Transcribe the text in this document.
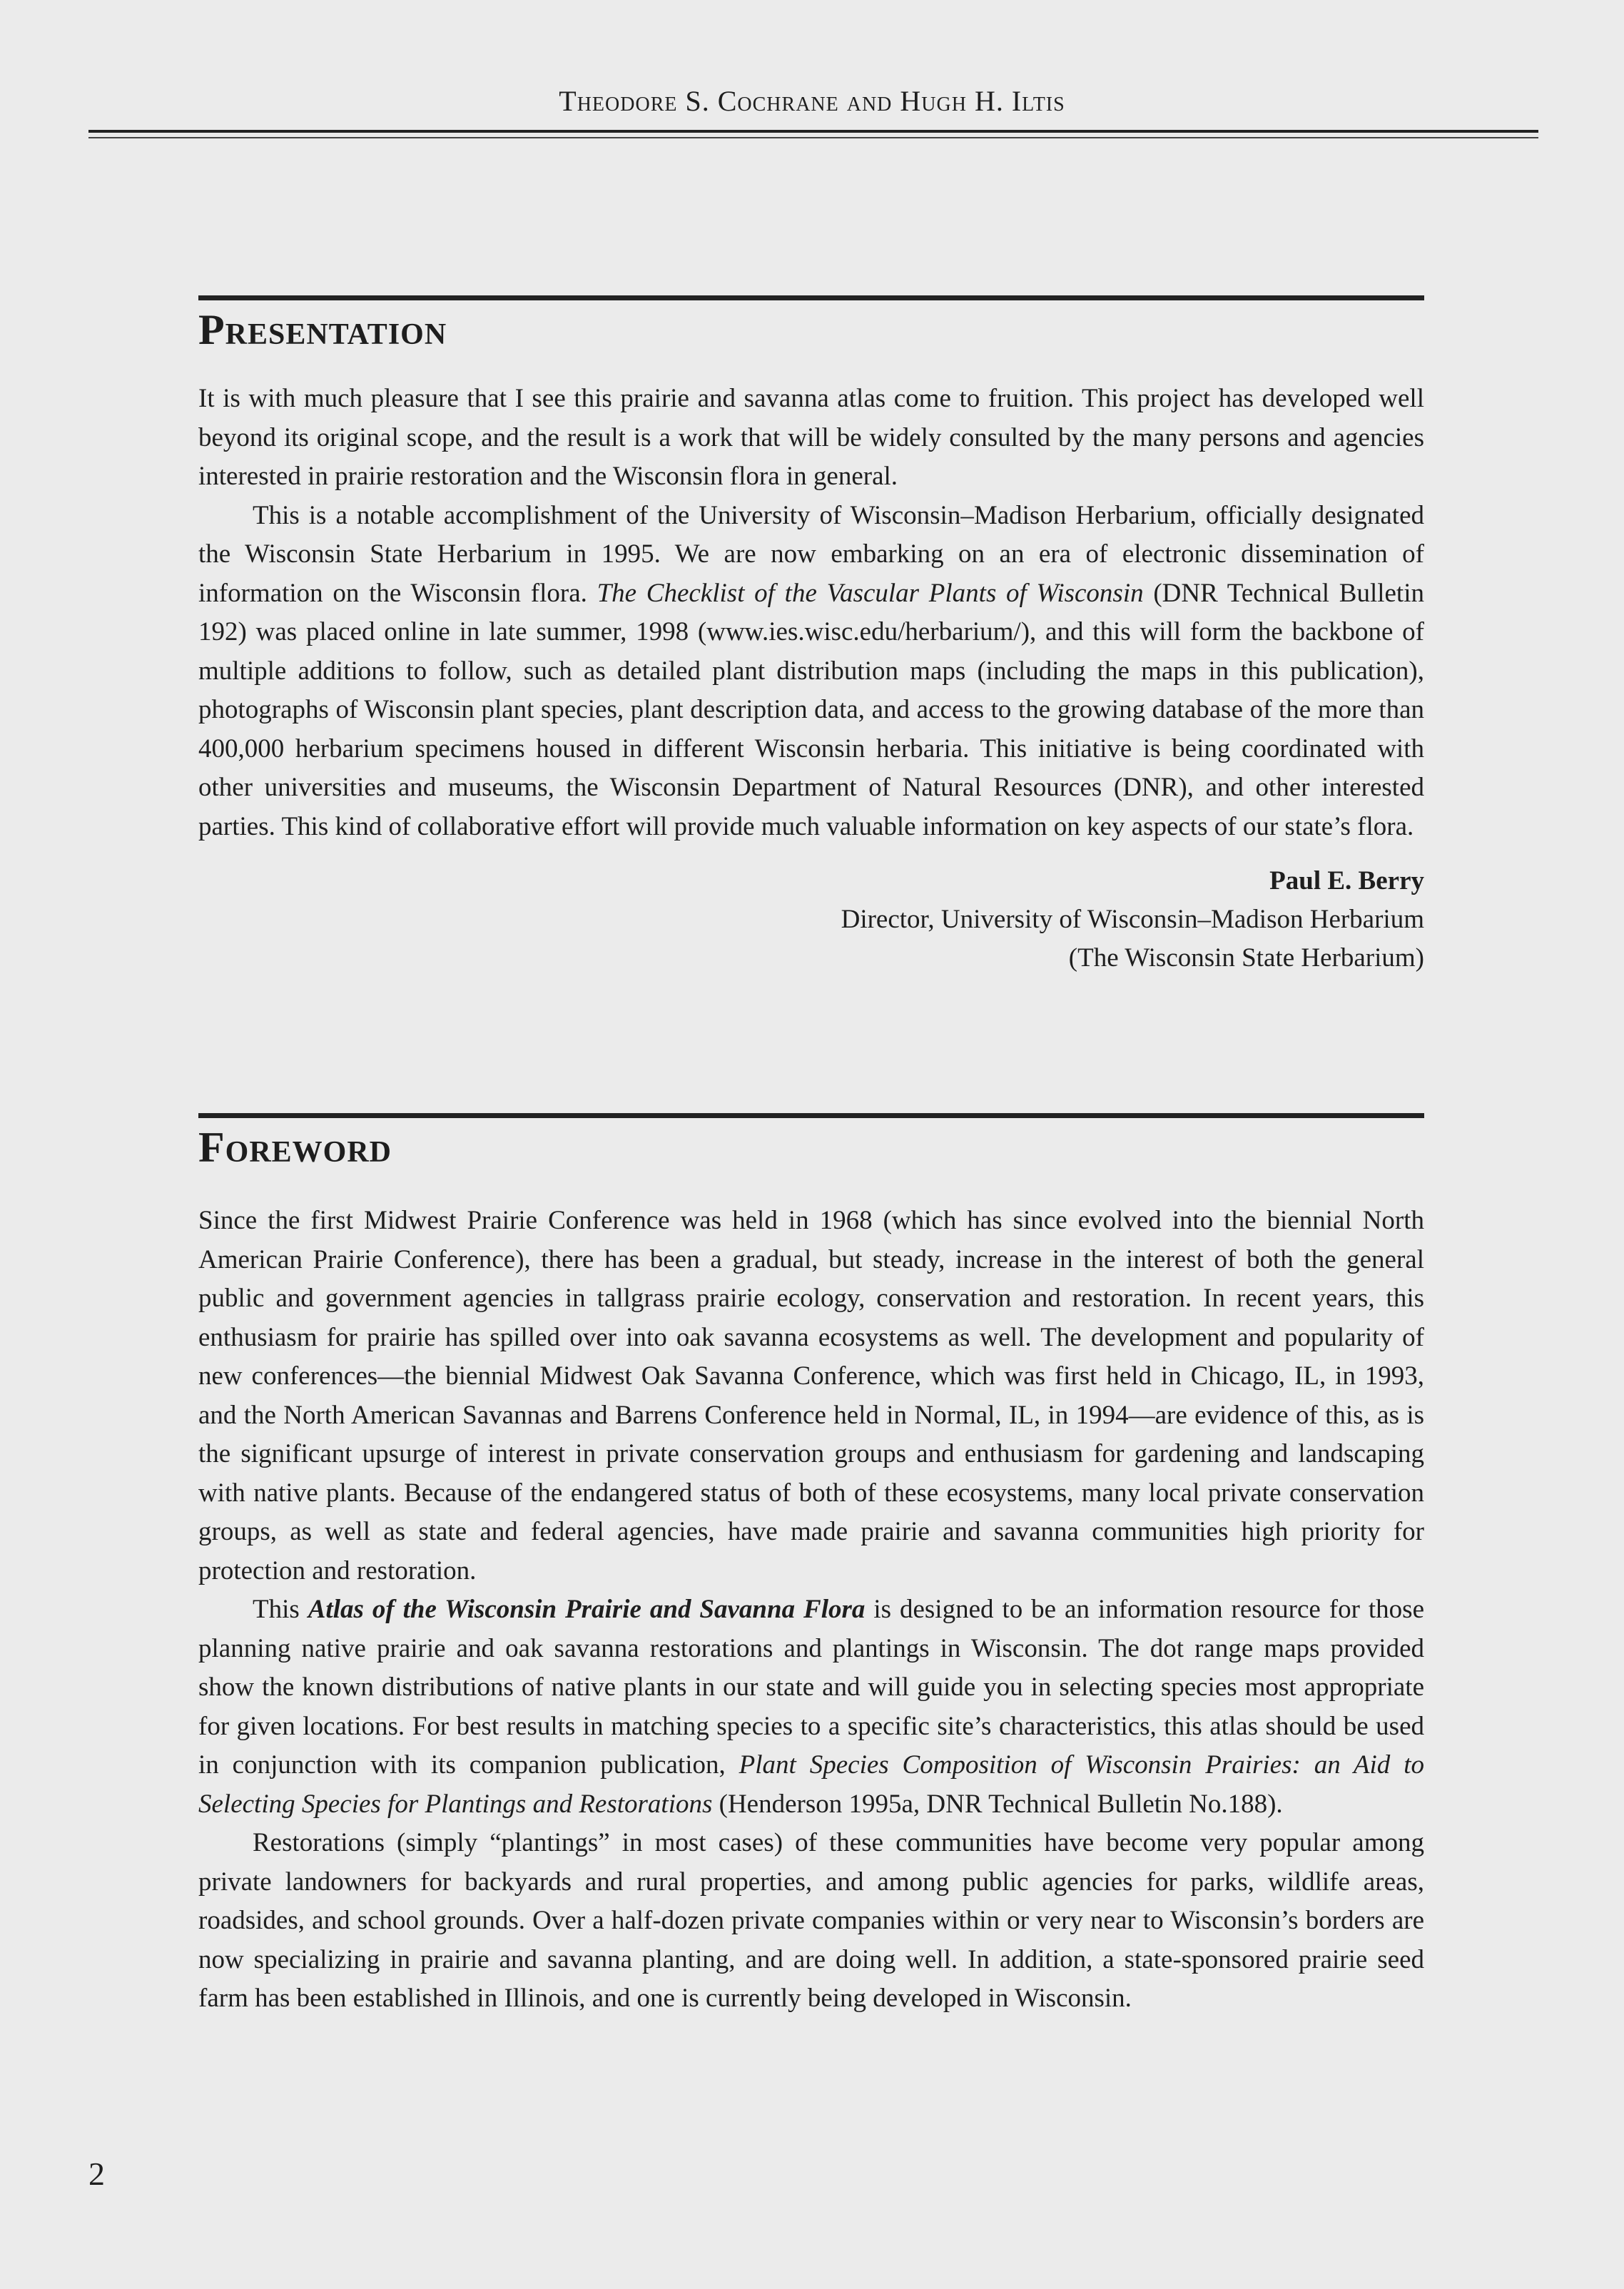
Theodore S. Cochrane and Hugh H. Iltis
Presentation

It is with much pleasure that I see this prairie and savanna atlas come to fruition. This project has developed well beyond its original scope, and the result is a work that will be widely consulted by the many persons and agencies interested in prairie restoration and the Wisconsin flora in general.

This is a notable accomplishment of the University of Wisconsin–Madison Herbarium, officially designated the Wisconsin State Herbarium in 1995. We are now embarking on an era of electronic dissemination of information on the Wisconsin flora. The Checklist of the Vascular Plants of Wisconsin (DNR Technical Bulletin 192) was placed online in late summer, 1998 (www.ies.wisc.edu/herbarium/), and this will form the backbone of multiple additions to follow, such as detailed plant distribution maps (including the maps in this publication), photographs of Wisconsin plant species, plant description data, and access to the growing database of the more than 400,000 herbarium specimens housed in different Wisconsin herbaria. This initiative is being coordinated with other universities and museums, the Wisconsin Department of Natural Resources (DNR), and other interested parties. This kind of collaborative effort will provide much valuable information on key aspects of our state’s flora.

Paul E. Berry
Director, University of Wisconsin–Madison Herbarium
(The Wisconsin State Herbarium)
Foreword

Since the first Midwest Prairie Conference was held in 1968 (which has since evolved into the biennial North American Prairie Conference), there has been a gradual, but steady, increase in the interest of both the general public and government agencies in tallgrass prairie ecology, conservation and restoration. In recent years, this enthusiasm for prairie has spilled over into oak savanna ecosystems as well. The development and popularity of new conferences—the biennial Midwest Oak Savanna Conference, which was first held in Chicago, IL, in 1993, and the North American Savannas and Barrens Conference held in Normal, IL, in 1994—are evidence of this, as is the significant upsurge of interest in private conservation groups and enthusiasm for gardening and landscaping with native plants. Because of the endangered status of both of these ecosystems, many local private conservation groups, as well as state and federal agencies, have made prairie and savanna communities high priority for protection and restoration.

This Atlas of the Wisconsin Prairie and Savanna Flora is designed to be an information resource for those planning native prairie and oak savanna restorations and plantings in Wisconsin. The dot range maps provided show the known distributions of native plants in our state and will guide you in selecting species most appropriate for given locations. For best results in matching species to a specific site’s characteristics, this atlas should be used in conjunction with its companion publication, Plant Species Composition of Wisconsin Prairies: an Aid to Selecting Species for Plantings and Restorations (Henderson 1995a, DNR Technical Bulletin No.188).

Restorations (simply “plantings” in most cases) of these communities have become very popular among private landowners for backyards and rural properties, and among public agencies for parks, wildlife areas, roadsides, and school grounds. Over a half-dozen private companies within or very near to Wisconsin’s borders are now specializing in prairie and savanna planting, and are doing well. In addition, a state-sponsored prairie seed farm has been established in Illinois, and one is currently being developed in Wisconsin.

2
